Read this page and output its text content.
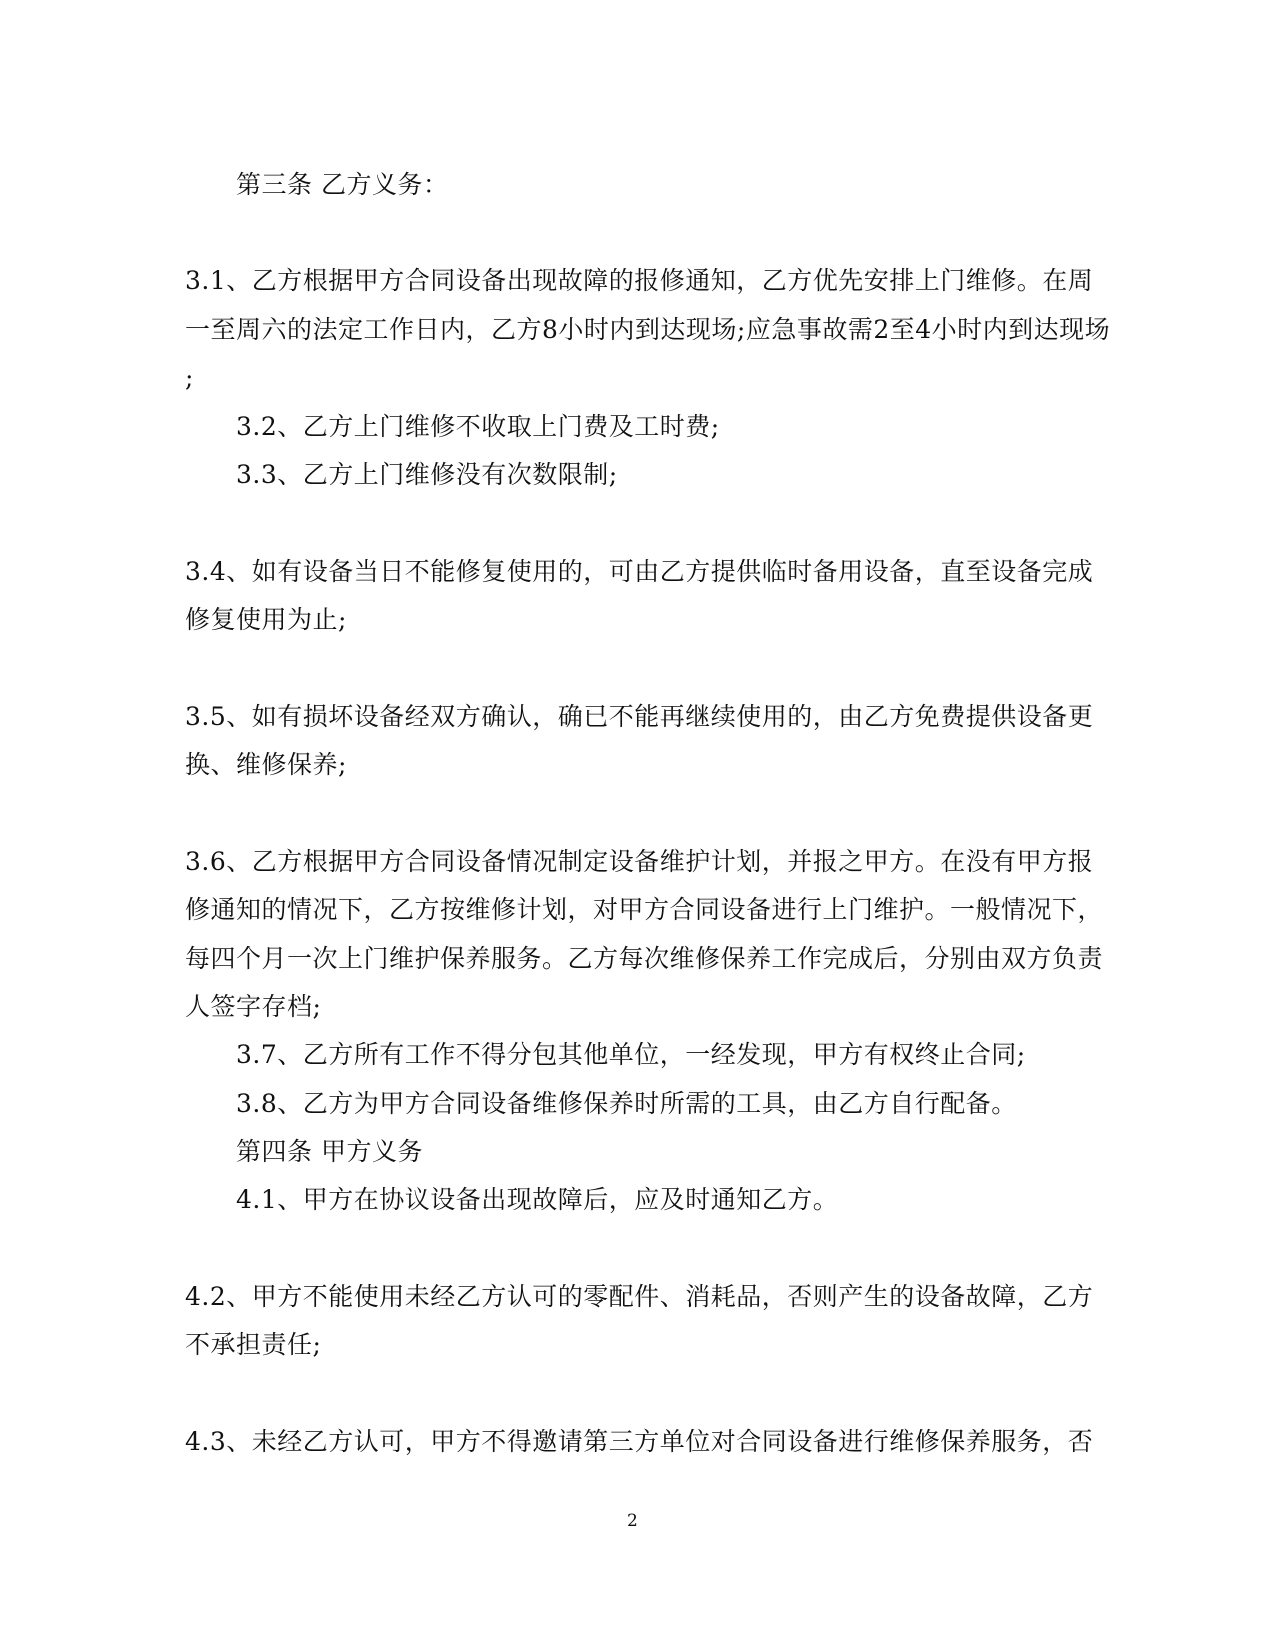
第三条 乙方义务：
3.1、乙方根据甲方合同设备出现故障的报修通知，乙方优先安排上门维修。在周
一至周六的法定工作日内，乙方8小时内到达现场;应急事故需2至4小时内到达现场
;
3.2、乙方上门维修不收取上门费及工时费;
3.3、乙方上门维修没有次数限制;
3.4、如有设备当日不能修复使用的，可由乙方提供临时备用设备，直至设备完成
修复使用为止;
3.5、如有损坏设备经双方确认，确已不能再继续使用的，由乙方免费提供设备更
换、维修保养;
3.6、乙方根据甲方合同设备情况制定设备维护计划，并报之甲方。在没有甲方报
修通知的情况下，乙方按维修计划，对甲方合同设备进行上门维护。一般情况下，
每四个月一次上门维护保养服务。乙方每次维修保养工作完成后，分别由双方负责
人签字存档;
3.7、乙方所有工作不得分包其他单位，一经发现，甲方有权终止合同;
3.8、乙方为甲方合同设备维修保养时所需的工具，由乙方自行配备。
第四条 甲方义务
4.1、甲方在协议设备出现故障后，应及时通知乙方。
4.2、甲方不能使用未经乙方认可的零配件、消耗品，否则产生的设备故障，乙方
不承担责任;
4.3、未经乙方认可，甲方不得邀请第三方单位对合同设备进行维修保养服务，否
2
